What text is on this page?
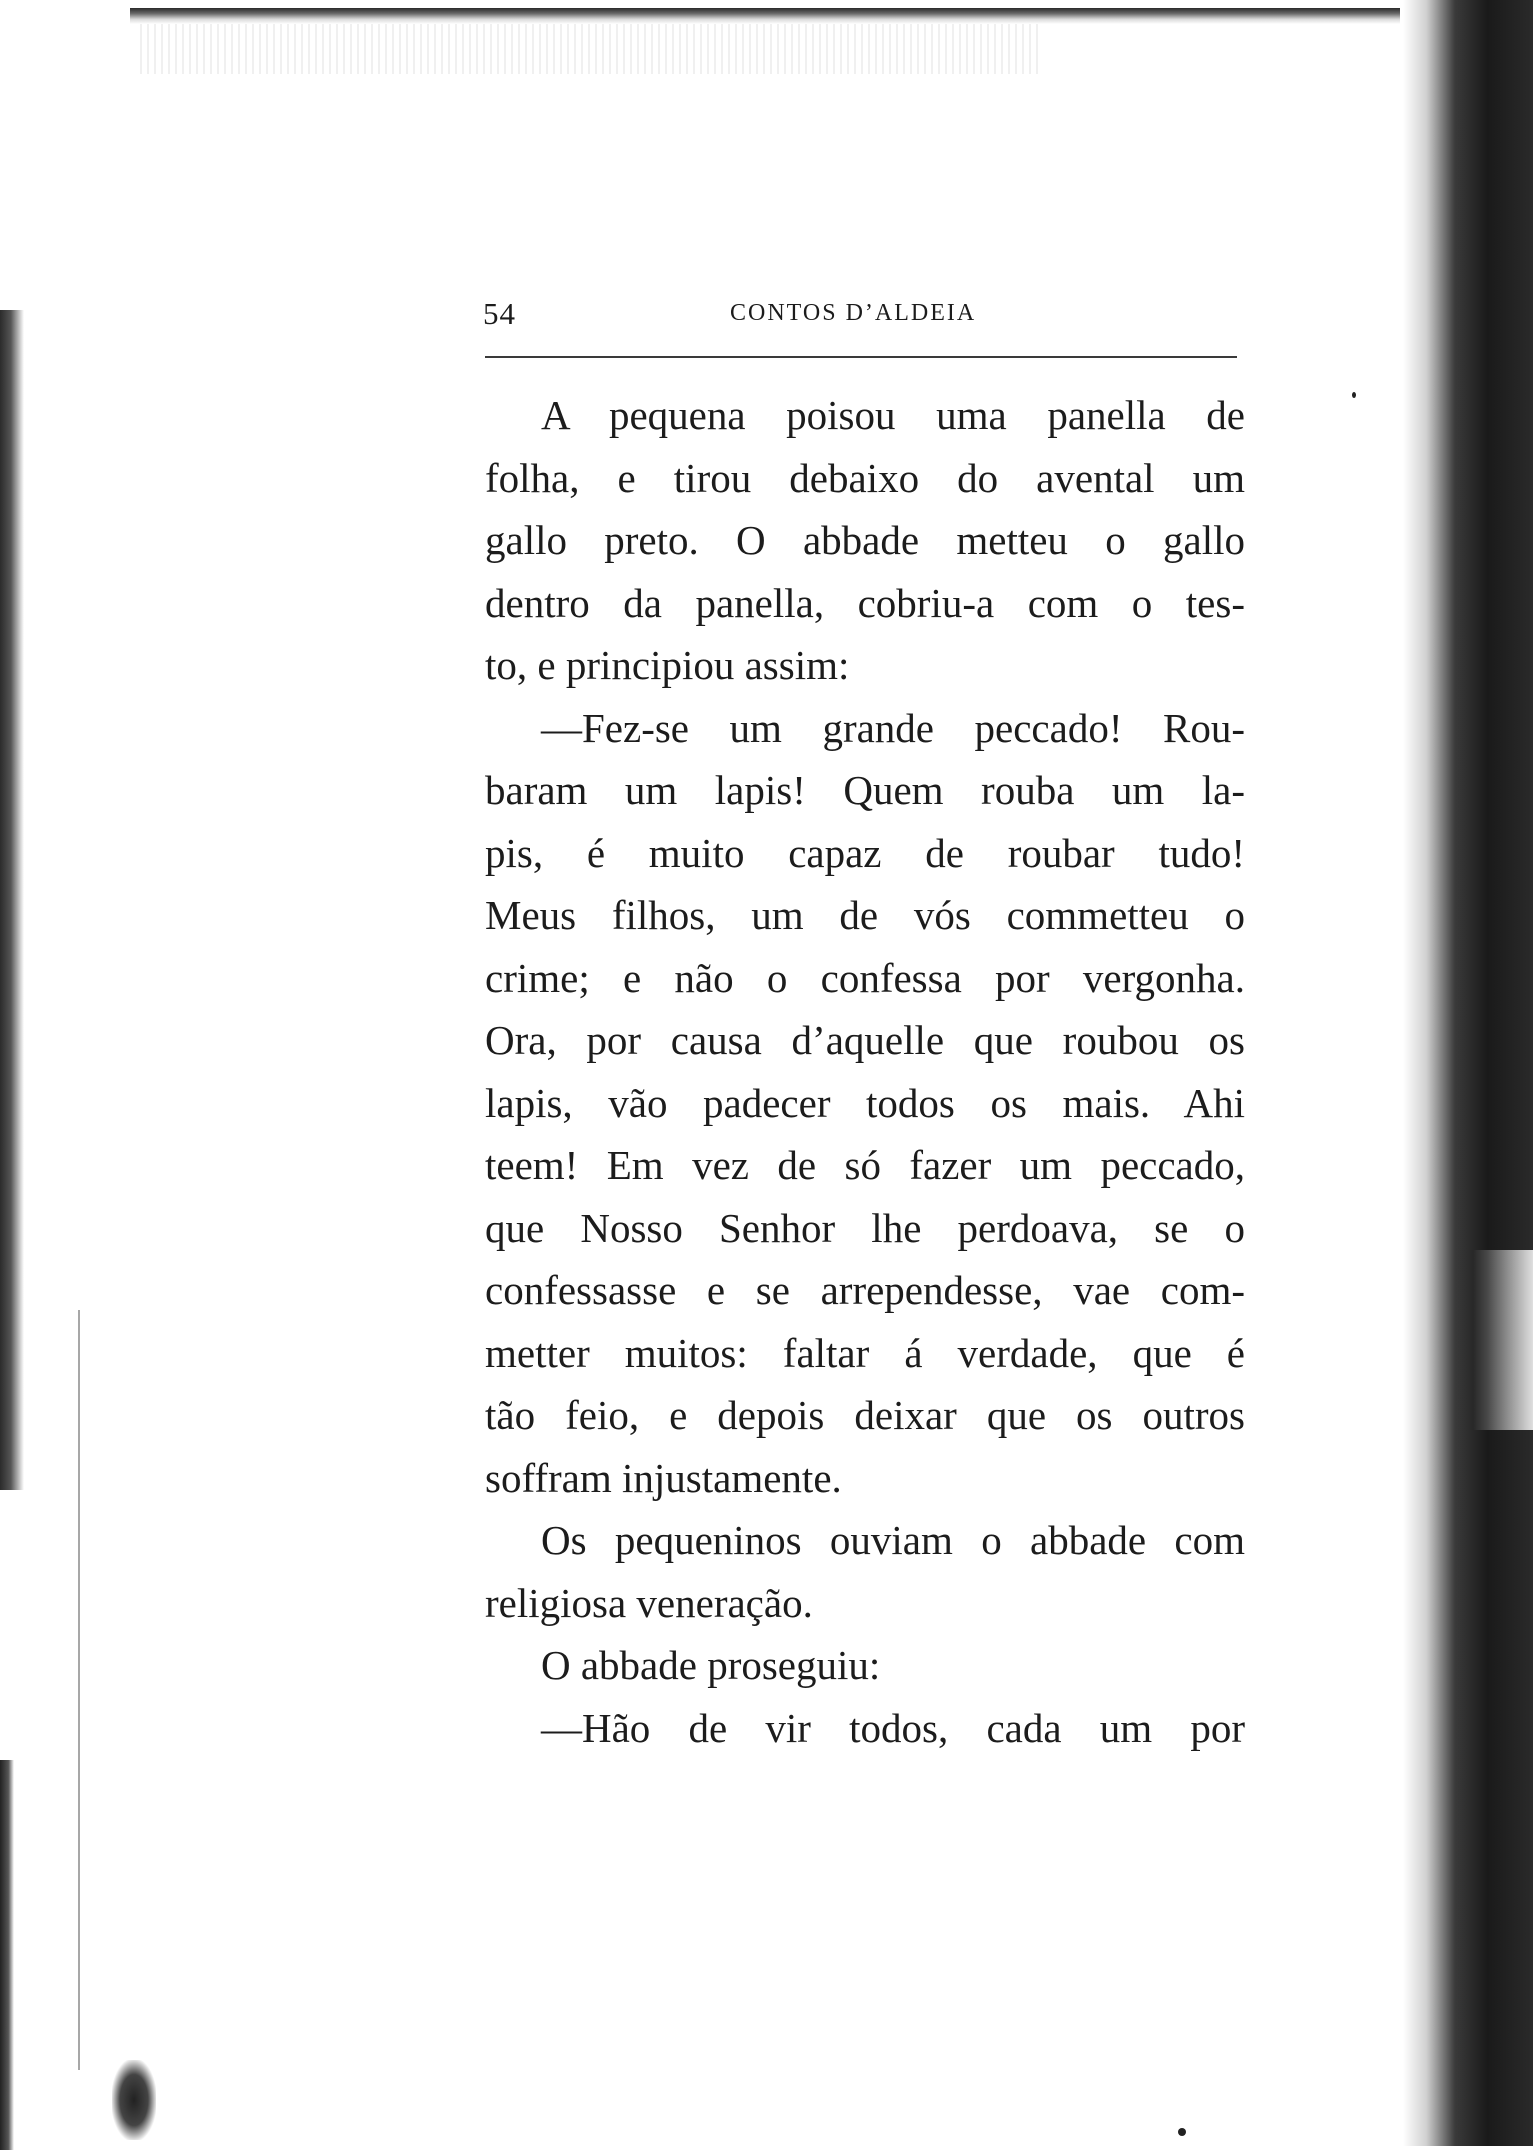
54	CONTOS D’ALDEIA
A pequena poisou uma panella de
folha, e tirou debaixo do avental um
gallo preto. O abbade metteu o gallo
dentro da panella, cobriu-a com o tes-
to, e principiou assim:
—Fez-se um grande peccado! Rou-
baram um lapis! Quem rouba um la-
pis, é muito capaz de roubar tudo!
Meus filhos, um de vós commetteu o
crime; e não o confessa por vergonha.
Ora, por causa d’aquelle que roubou os
lapis, vão padecer todos os mais. Ahi
teem! Em vez de só fazer um peccado,
que Nosso Senhor lhe perdoava, se o
confessasse e se arrependesse, vae com-
metter muitos: faltar á verdade, que é
tão feio, e depois deixar que os outros
soffram injustamente.
Os pequeninos ouviam o abbade com
religiosa veneração.
O abbade proseguiu:
—Hão de vir todos, cada um por
